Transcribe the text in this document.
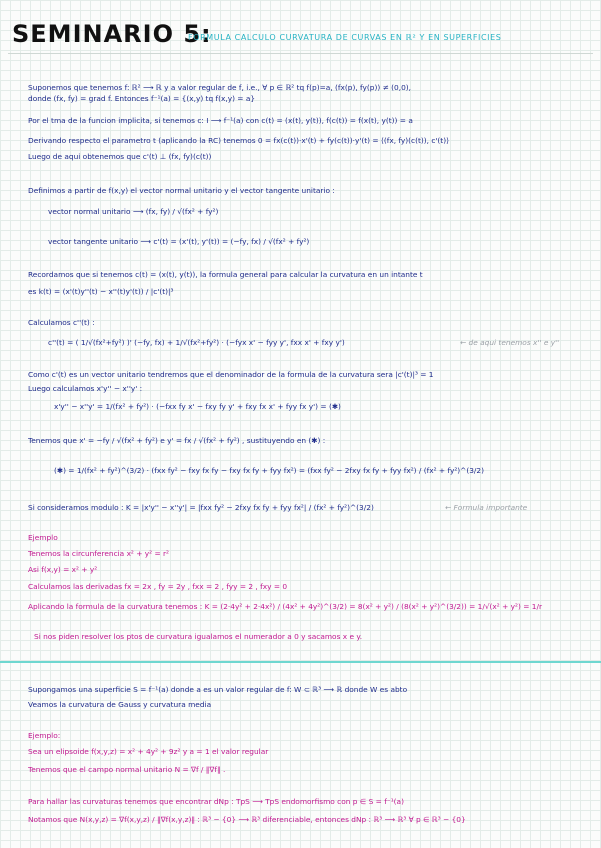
SEMINARIO 5:
FORMULA CALCULO CURVATURA DE CURVAS EN ℝ² Y EN SUPERFICIES
Suponemos que tenemos f: ℝ² ⟶ ℝ y a valor regular de f, i.e., ∀ p ∈ ℝ² tq f(p)=a, (fx(p), fy(p)) ≠ (0,0),
donde (fx, fy) = grad f. Entonces f⁻¹(a) = {(x,y) tq f(x,y) = a}
Por el tma de la funcion implicita, si tenemos c: I ⟶ f⁻¹(a) con c(t) = (x(t), y(t)), f(c(t)) = f(x(t), y(t)) = a
Derivando respecto el parametro t (aplicando la RC) tenemos 0 = fx(c(t))·x'(t) + fy(c(t))·y'(t) = ⟨(fx, fy)(c(t)), c'(t)⟩
Luego de aqui obtenemos que c'(t) ⊥ (fx, fy)(c(t))
Definimos a partir de f(x,y) el vector normal unitario y el vector tangente unitario :
vector normal unitario ⟶ (fx, fy) / √(fx² + fy²)
vector tangente unitario ⟶ c'(t) = (x'(t), y'(t)) = (−fy, fx) / √(fx² + fy²)
Recordamos que si tenemos c(t) = (x(t), y(t)), la formula general para calcular la curvatura en un intante t
es k(t) = (x'(t)y''(t) − x''(t)y'(t)) / |c'(t)|³
Calculamos c''(t) :
c''(t) = ( 1/√(fx²+fy²) )' (−fy, fx) + 1/√(fx²+fy²) · (−fyx x' − fyy y', fxx x' + fxy y')	← de aqui tenemos x'' e y''
Como c'(t) es un vector unitario tendremos que el denominador de la formula de la curvatura sera |c'(t)|³ = 1
Luego calculamos x'y'' − x''y' :
x'y'' − x''y' = 1/(fx² + fy²) · (−fxx fy x' − fxy fy y' + fxy fx x' + fyy fx y') = (✱)
Tenemos que x' = −fy / √(fx² + fy²) e y' = fx / √(fx² + fy²) , sustituyendo en (✱) :
(✱) = 1/(fx² + fy²)^(3/2) · (fxx fy² − fxy fx fy − fxy fx fy + fyy fx²) = (fxx fy² − 2fxy fx fy + fyy fx²) / (fx² + fy²)^(3/2)
Si consideramos modulo : K = |x'y'' − x''y'| = |fxx fy² − 2fxy fx fy + fyy fx²| / (fx² + fy²)^(3/2)	← Formula importante
Ejemplo
Tenemos la circunferencia x² + y² = r²
Asi f(x,y) = x² + y²
Calculamos las derivadas fx = 2x , fy = 2y , fxx = 2 , fyy = 2 , fxy = 0
Aplicando la formula de la curvatura tenemos : K = (2·4y² + 2·4x²) / (4x² + 4y²)^(3/2) = 8(x² + y²) / (8(x² + y²)^(3/2)) = 1/√(x² + y²) = 1/r
Si nos piden resolver los ptos de curvatura igualamos el numerador a 0 y sacamos x e y.
Supongamos una superficie S = f⁻¹(a) donde a es un valor regular de f: W ⊂ ℝ³ ⟶ ℝ donde W es abto
Veamos la curvatura de Gauss y curvatura media
Ejemplo:
Sea un elipsoide f(x,y,z) = x² + 4y² + 9z² y a = 1 el valor regular
Tenemos que el campo normal unitario N = ∇f / ‖∇f‖ .
Para hallar las curvaturas tenemos que encontrar dNp : TpS ⟶ TpS endomorfismo con p ∈ S = f⁻¹(a)
Notamos que N(x,y,z) = ∇f(x,y,z) / ‖∇f(x,y,z)‖ : ℝ³ − {0} ⟶ ℝ³ diferenciable, entonces dNp : ℝ³ ⟶ ℝ³ ∀ p ∈ ℝ³ − {0}
